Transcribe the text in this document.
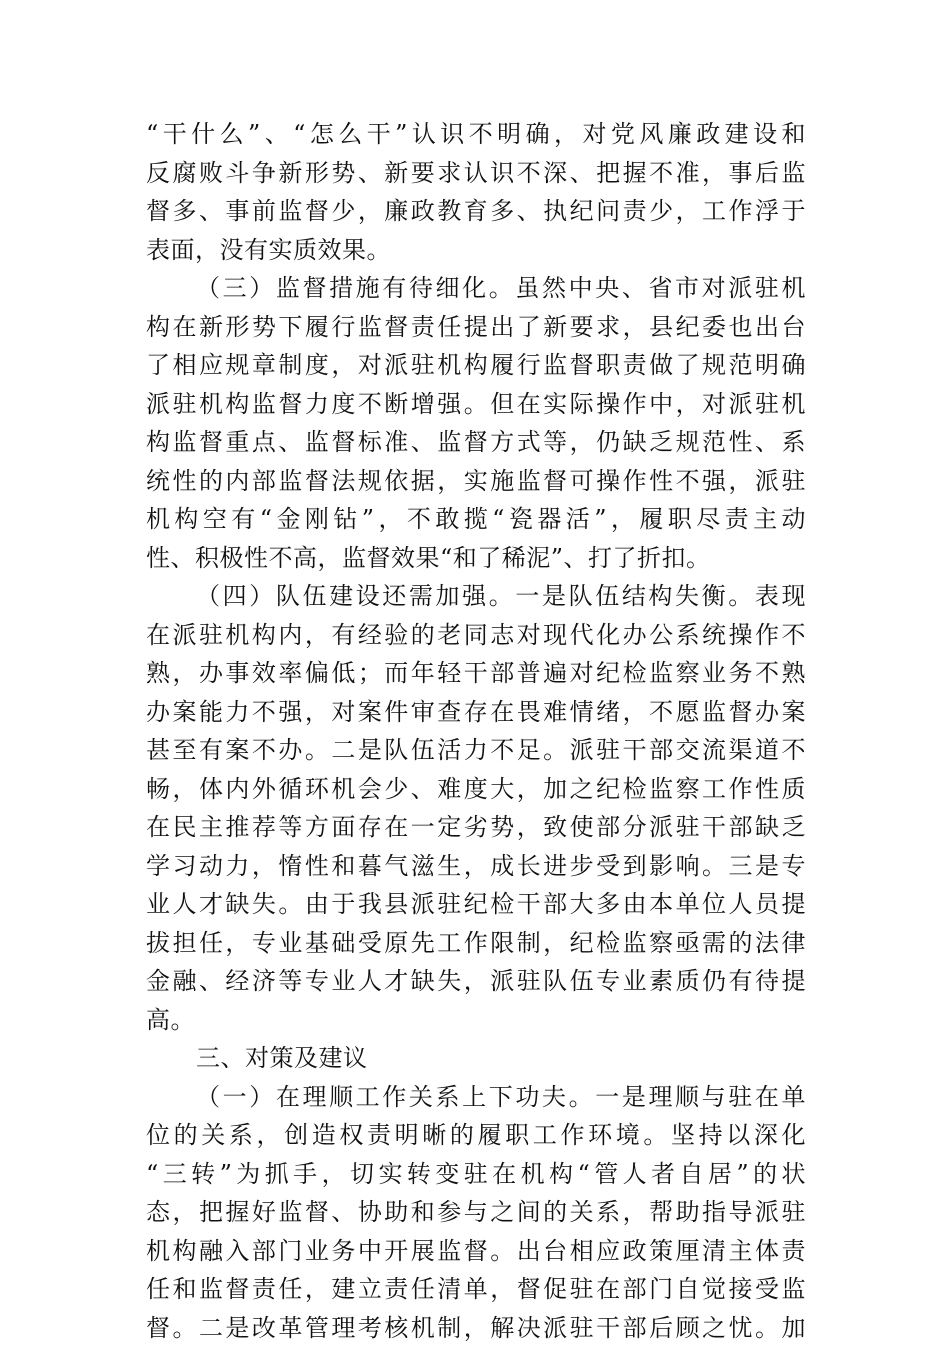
“干什么”、“怎么干”认识不明确，对党风廉政建设和
反腐败斗争新形势、新要求认识不深、把握不准，事后监
督多、事前监督少，廉政教育多、执纪问责少，工作浮于
表面，没有实质效果。
（三）监督措施有待细化。虽然中央、省市对派驻机
构在新形势下履行监督责任提出了新要求，县纪委也出台
了相应规章制度，对派驻机构履行监督职责做了规范明确
派驻机构监督力度不断增强。但在实际操作中，对派驻机
构监督重点、监督标准、监督方式等，仍缺乏规范性、系
统性的内部监督法规依据，实施监督可操作性不强，派驻
机构空有“金刚钻”，不敢揽“瓷器活”，履职尽责主动
性、积极性不高，监督效果“和了稀泥”、打了折扣。
（四）队伍建设还需加强。一是队伍结构失衡。表现
在派驻机构内，有经验的老同志对现代化办公系统操作不
熟，办事效率偏低；而年轻干部普遍对纪检监察业务不熟
办案能力不强，对案件审查存在畏难情绪，不愿监督办案
甚至有案不办。二是队伍活力不足。派驻干部交流渠道不
畅，体内外循环机会少、难度大，加之纪检监察工作性质
在民主推荐等方面存在一定劣势，致使部分派驻干部缺乏
学习动力，惰性和暮气滋生，成长进步受到影响。三是专
业人才缺失。由于我县派驻纪检干部大多由本单位人员提
拔担任，专业基础受原先工作限制，纪检监察亟需的法律
金融、经济等专业人才缺失，派驻队伍专业素质仍有待提
高。
三、对策及建议
（一）在理顺工作关系上下功夫。一是理顺与驻在单
位的关系，创造权责明晰的履职工作环境。坚持以深化
“三转”为抓手，切实转变驻在机构“管人者自居”的状
态，把握好监督、协助和参与之间的关系，帮助指导派驻
机构融入部门业务中开展监督。出台相应政策厘清主体责
任和监督责任，建立责任清单，督促驻在部门自觉接受监
督。二是改革管理考核机制，解决派驻干部后顾之忧。加
